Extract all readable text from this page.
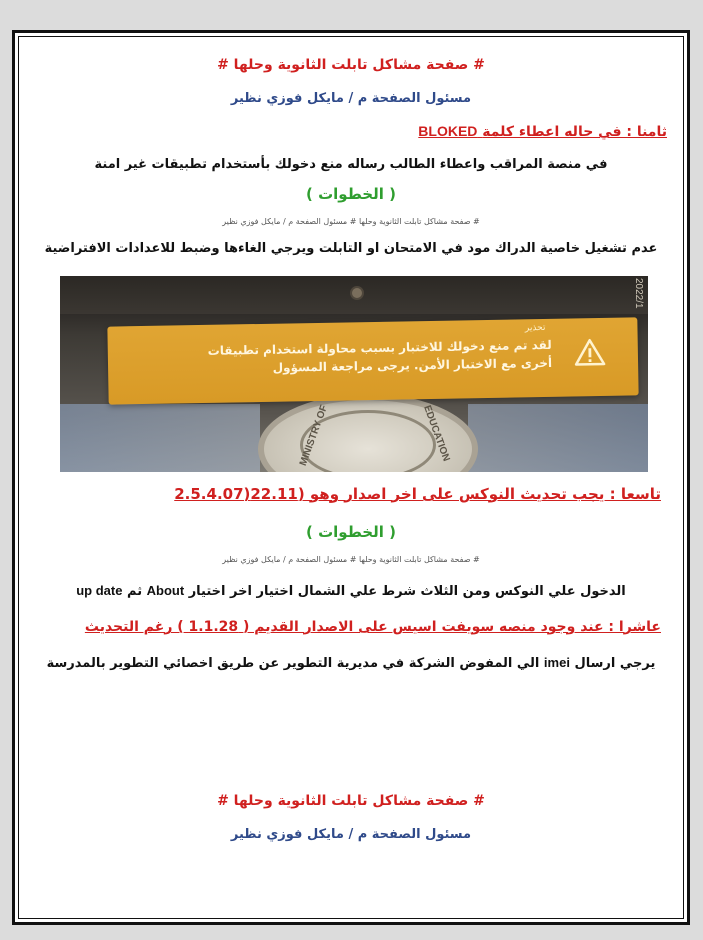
# صفحة مشاكل تابلت الثانوية وحلها #
مسئول الصفحة م / مايكل فوزي نظير
ثامنا : في حاله اعطاء كلمة BLOKED
في منصة المراقب واعطاء الطالب رساله منع دخولك بأستخدام تطبيقات غير امنة
( الخطوات )
# صفحة مشاكل تابلت الثانوية وحلها # مسئول الصفحة م / مايكل فوزي نظير
عدم تشغيل خاصية الدراك مود في الامتحان او التابلت ويرجي الغاءها وضبط للاعدادات الافتراضية
2022/1
MINISTRY OF	EDUCATION
تحذير
لقد تم منع دخولك للاختبار بسبب محاولة استخدام تطبيقات
أخرى مع الاختبار الأمن. يرجى مراجعة المسؤول
تاسعا : يجب تحديث النوكس على اخر اصدار وهو (22.11(2.5.4.07
( الخطوات )
# صفحة مشاكل تابلت الثانوية وحلها # مسئول الصفحة م / مايكل فوزي نظير
الدخول علي النوكس ومن الثلاث شرط علي الشمال اختيار اخر اختيار About ثم up date
عاشرا : عند وجود منصه سويفت اسيس على الاصدار القديم ( 1.1.28 ) رغم التحديث
يرجي ارسال imei الي المفوض الشركة في مديرية التطوير عن طريق اخصائي التطوير بالمدرسة
# صفحة مشاكل تابلت الثانوية وحلها #
مسئول الصفحة م / مايكل فوزي نظير
